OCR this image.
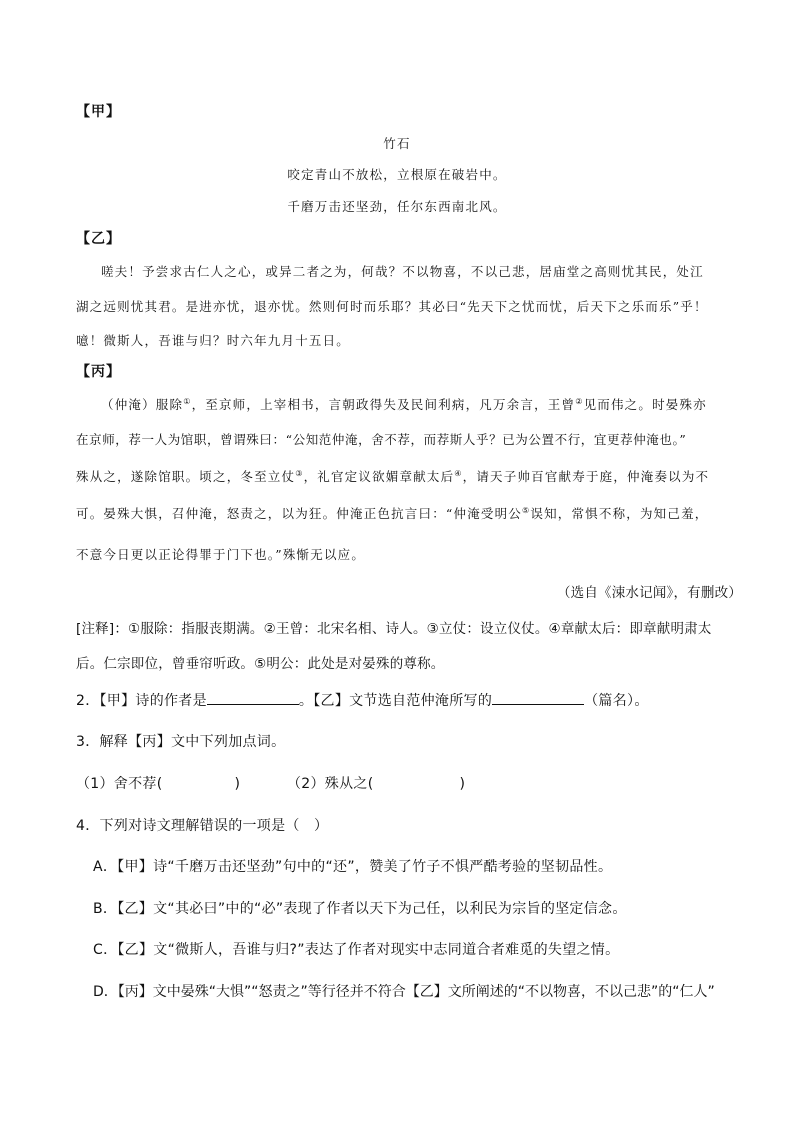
【甲】
竹石
咬定青山不放松，立根原在破岩中。
千磨万击还坚劲，任尔东西南北风。
【乙】
嗟夫！予尝求古仁人之心，或异二者之为，何哉？不以物喜，不以己悲，居庙堂之高则忧其民，处江
湖之远则忧其君。是进亦忧，退亦忧。然则何时而乐耶？其必曰“先天下之忧而忧，后天下之乐而乐”乎！
噫！微斯人，吾谁与归？时六年九月十五日。
【丙】
（仲淹）服除①，至京师，上宰相书，言朝政得失及民间利病，凡万余言，王曾②见而伟之。时晏殊亦
在京师，荐一人为馆职，曾谓殊曰：“公知范仲淹，舍不荐，而荐斯人乎？已为公置不行，宜更荐仲淹也。”
殊从之，遂除馆职。顷之，冬至立仗③，礼官定议欲媚章献太后④，请天子帅百官献寿于庭，仲淹奏以为不
可。晏殊大惧，召仲淹，怒责之，以为狂。仲淹正色抗言曰：“仲淹受明公⑤误知，常惧不称，为知己羞，
不意今日更以正论得罪于门下也。”殊惭无以应。
（选自《涑水记闻》，有删改）
[注释]：①服除：指服丧期满。②王曾：北宋名相、诗人。③立仗：设立仪仗。④章献太后：即章献明肃太
后。仁宗即位，曾垂帘听政。⑤明公：此处是对晏殊的尊称。
2．【甲】诗的作者是	。【乙】文节选自范仲淹所写的	（篇名）。
3．解释【丙】文中下列加点词。
（1）舍不荐(	)	（2）殊从之(	)
4．下列对诗文理解错误的一项是（　）
A．【甲】诗“千磨万击还坚劲”句中的“还”，赞美了竹子不惧严酷考验的坚韧品性。
B．【乙】文“其必曰”中的“必”表现了作者以天下为己任，以利民为宗旨的坚定信念。
C．【乙】文“微斯人，吾谁与归?”表达了作者对现实中志同道合者难觅的失望之情。
D．【丙】文中晏殊“大惧”“怒责之”等行径并不符合【乙】文所阐述的“不以物喜，不以己悲”的“仁人”
